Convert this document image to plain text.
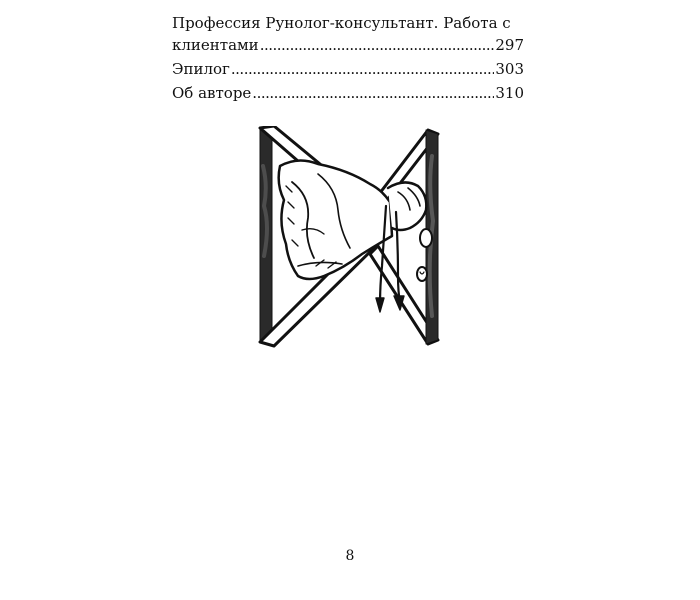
Профессия Рунолог-консультант. Работа с
клиентами .....	297
Эпилог .....	303
Об авторе .....	310
8
